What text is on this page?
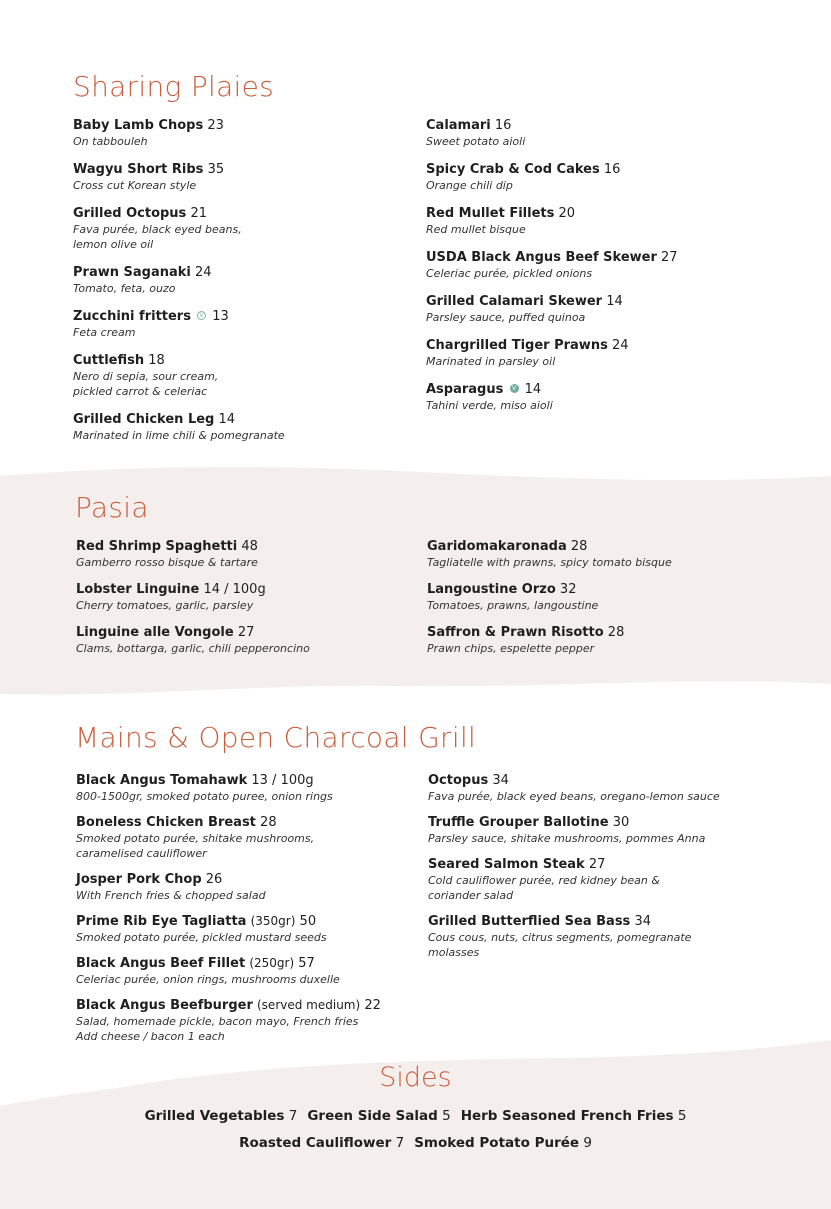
Sharing Plaies
Baby Lamb Chops 23
On tabbouleh
Wagyu Short Ribs 35
Cross cut Korean style
Grilled Octopus 21
Fava purée, black eyed beans,
lemon olive oil
Prawn Saganaki 24
Tomato, feta, ouzo
Zucchini fritters V 13
Feta cream
Cuttlefish 18
Nero di sepia, sour cream,
pickled carrot & celeriac
Grilled Chicken Leg 14
Marinated in lime chili & pomegranate
Calamari 16
Sweet potato aioli
Spicy Crab & Cod Cakes 16
Orange chili dip
Red Mullet Fillets 20
Red mullet bisque
USDA Black Angus Beef Skewer 27
Celeriac purée, pickled onions
Grilled Calamari Skewer 14
Parsley sauce, puffed quinoa
Chargrilled Tiger Prawns 24
Marinated in parsley oil
Asparagus V 14
Tahini verde, miso aioli
Pasia
Red Shrimp Spaghetti 48
Gamberro rosso bisque & tartare
Lobster Linguine 14 / 100g
Cherry tomatoes, garlic, parsley
Linguine alle Vongole 27
Clams, bottarga, garlic, chili pepperoncino
Garidomakaronada 28
Tagliatelle with prawns, spicy tomato bisque
Langoustine Orzo 32
Tomatoes, prawns, langoustine
Saffron & Prawn Risotto 28
Prawn chips, espelette pepper
Mains & Open Charcoal Grill
Black Angus Tomahawk 13 / 100g
800-1500gr, smoked potato puree, onion rings
Boneless Chicken Breast 28
Smoked potato purée, shitake mushrooms,
caramelised cauliflower
Josper Pork Chop 26
With French fries & chopped salad
Prime Rib Eye Tagliatta (350gr) 50
Smoked potato purée, pickled mustard seeds
Black Angus Beef Fillet (250gr) 57
Celeriac purée, onion rings, mushrooms duxelle
Black Angus Beefburger (served medium) 22
Salad, homemade pickle, bacon mayo, French fries
Add cheese / bacon 1 each
Octopus 34
Fava purée, black eyed beans, oregano-lemon sauce
Truffle Grouper Ballotine 30
Parsley sauce, shitake mushrooms, pommes Anna
Seared Salmon Steak 27
Cold cauliflower purée, red kidney bean &
coriander salad
Grilled Butterflied Sea Bass 34
Cous cous, nuts, citrus segments, pomegranate
molasses
Sides
Grilled Vegetables 7 Green Side Salad 5 Herb Seasoned French Fries 5
Roasted Cauliflower 7 Smoked Potato Purée 9
